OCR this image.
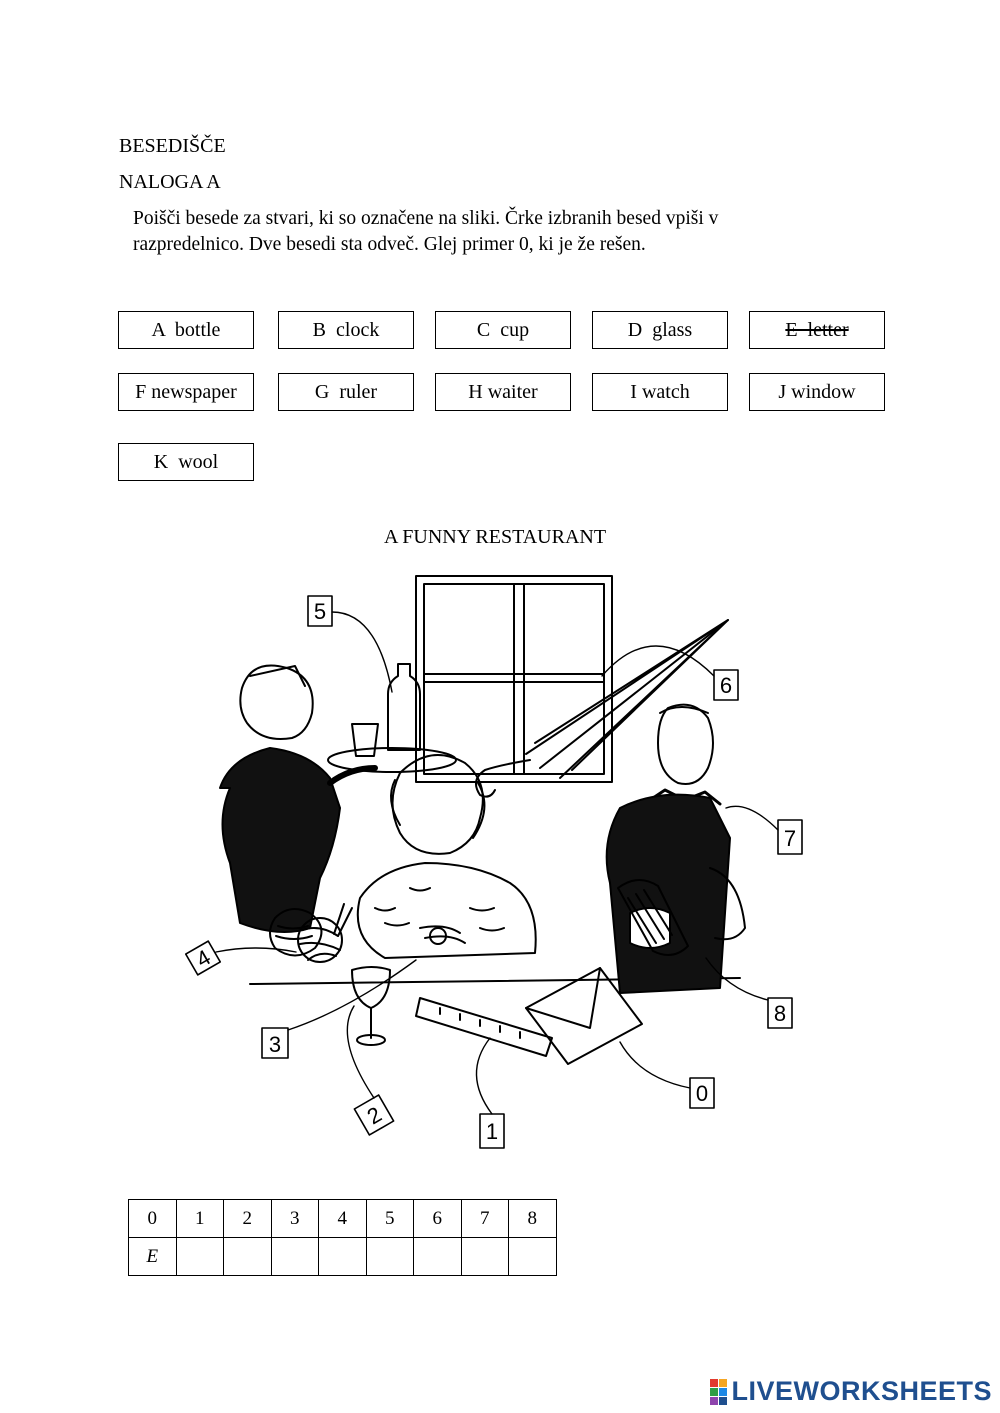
BESEDIŠČE
NALOGA A
Poišči besede za stvari, ki so označene na sliki. Črke izbranih besed vpiši v razpredelnico. Dve besedi sta odveč. Glej primer 0, ki je že rešen.
A  bottle	B  clock	C  cup	D  glass	E  letter
F newspaper	G  ruler	H waiter	I watch	J window
K  wool
A FUNNY RESTAURANT
5
6
7
8
0
1
2
3
4
0	1	2	3	4	5	6	7	8
E								
LIVEWORKSHEETS
